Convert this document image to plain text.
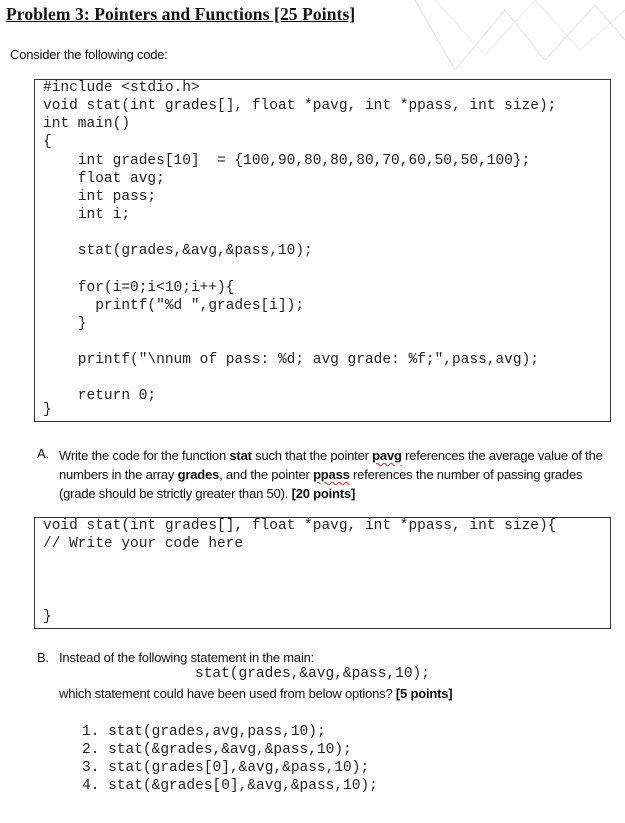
Problem 3: Pointers and Functions [25 Points]
Consider the following code:

#include <stdio.h>

void stat(int grades[], float *pavg, int *ppass, int size);

int main()

{

int grades[10]  = {100,90,80,80,80,70,60,50,50,100};

float avg;

int pass;

int i;

stat(grades,&avg,&pass,10);

for(i=0;i<10;i++){

printf("%d ",grades[i]);

}

printf("\nnum of pass: %d; avg grade: %f;",pass,avg);

return 0;

}

A. Write the code for the function stat such that the pointer pavg references the average value of the numbers in the array grades, and the pointer ppass references the number of passing grades (grade should be strictly greater than 50). [20 points]

void stat(int grades[], float *pavg, int *ppass, int size){

// Write your code here

}

B. Instead of the following statement in the main:
stat(grades,&avg,&pass,10);
which statement could have been used from below options? [5 points]

1. stat(grades,avg,pass,10);

2. stat(&grades,&avg,&pass,10);

3. stat(grades[0],&avg,&pass,10);

4. stat(&grades[0],&avg,&pass,10);
